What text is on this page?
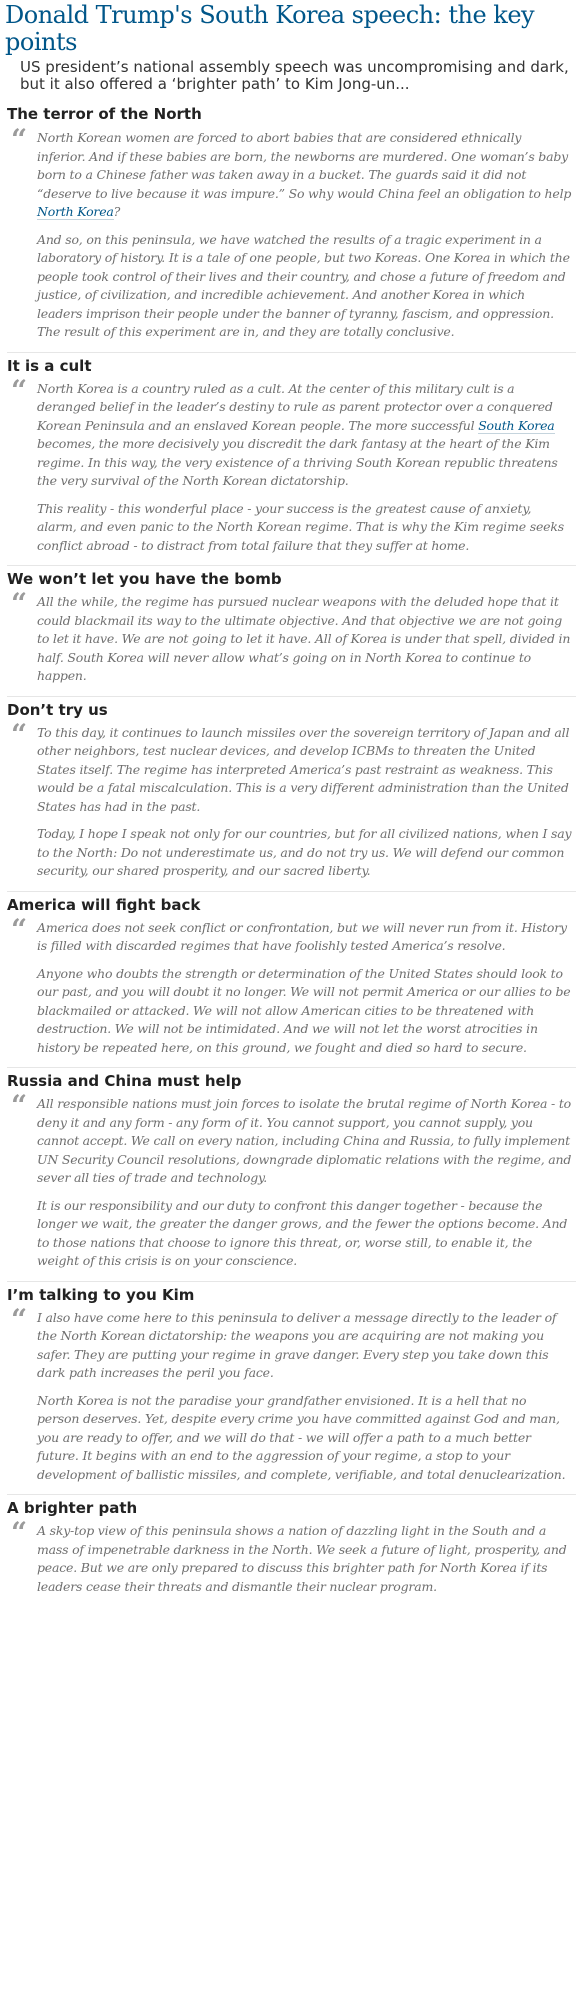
Donald Trump's South Korea speech: the key points

US president’s national assembly speech was uncompromising and dark, but it also offered a ‘brighter path’ to Kim Jong-un...

The terror of the North
“ North Korean women are forced to abort babies that are considered ethnically inferior. And if these babies are born, the newborns are murdered. One woman’s baby born to a Chinese father was taken away in a bucket. The guards said it did not “deserve to live because it was impure.” So why would China feel an obligation to help North Korea?

And so, on this peninsula, we have watched the results of a tragic experiment in a laboratory of history. It is a tale of one people, but two Koreas. One Korea in which the people took control of their lives and their country, and chose a future of freedom and justice, of civilization, and incredible achievement. And another Korea in which leaders imprison their people under the banner of tyranny, fascism, and oppression. The result of this experiment are in, and they are totally conclusive.

It is a cult
“ North Korea is a country ruled as a cult. At the center of this military cult is a deranged belief in the leader’s destiny to rule as parent protector over a conquered Korean Peninsula and an enslaved Korean people. The more successful South Korea becomes, the more decisively you discredit the dark fantasy at the heart of the Kim regime. In this way, the very existence of a thriving South Korean republic threatens the very survival of the North Korean dictatorship.

This reality - this wonderful place - your success is the greatest cause of anxiety, alarm, and even panic to the North Korean regime. That is why the Kim regime seeks conflict abroad - to distract from total failure that they suffer at home.

We won’t let you have the bomb
“ All the while, the regime has pursued nuclear weapons with the deluded hope that it could blackmail its way to the ultimate objective. And that objective we are not going to let it have. We are not going to let it have. All of Korea is under that spell, divided in half. South Korea will never allow what’s going on in North Korea to continue to happen.

Don’t try us
“ To this day, it continues to launch missiles over the sovereign territory of Japan and all other neighbors, test nuclear devices, and develop ICBMs to threaten the United States itself. The regime has interpreted America’s past restraint as weakness. This would be a fatal miscalculation. This is a very different administration than the United States has had in the past.

Today, I hope I speak not only for our countries, but for all civilized nations, when I say to the North: Do not underestimate us, and do not try us. We will defend our common security, our shared prosperity, and our sacred liberty.

America will fight back
“ America does not seek conflict or confrontation, but we will never run from it. History is filled with discarded regimes that have foolishly tested America’s resolve.

Anyone who doubts the strength or determination of the United States should look to our past, and you will doubt it no longer. We will not permit America or our allies to be blackmailed or attacked. We will not allow American cities to be threatened with destruction. We will not be intimidated. And we will not let the worst atrocities in history be repeated here, on this ground, we fought and died so hard to secure.

Russia and China must help
“ All responsible nations must join forces to isolate the brutal regime of North Korea - to deny it and any form - any form of it. You cannot support, you cannot supply, you cannot accept. We call on every nation, including China and Russia, to fully implement UN Security Council resolutions, downgrade diplomatic relations with the regime, and sever all ties of trade and technology.

It is our responsibility and our duty to confront this danger together - because the longer we wait, the greater the danger grows, and the fewer the options become. And to those nations that choose to ignore this threat, or, worse still, to enable it, the weight of this crisis is on your conscience.

I’m talking to you Kim
“ I also have come here to this peninsula to deliver a message directly to the leader of the North Korean dictatorship: the weapons you are acquiring are not making you safer. They are putting your regime in grave danger. Every step you take down this dark path increases the peril you face.

North Korea is not the paradise your grandfather envisioned. It is a hell that no person deserves. Yet, despite every crime you have committed against God and man, you are ready to offer, and we will do that - we will offer a path to a much better future. It begins with an end to the aggression of your regime, a stop to your development of ballistic missiles, and complete, verifiable, and total denuclearization.

A brighter path
“ A sky-top view of this peninsula shows a nation of dazzling light in the South and a mass of impenetrable darkness in the North. We seek a future of light, prosperity, and peace. But we are only prepared to discuss this brighter path for North Korea if its leaders cease their threats and dismantle their nuclear program.
